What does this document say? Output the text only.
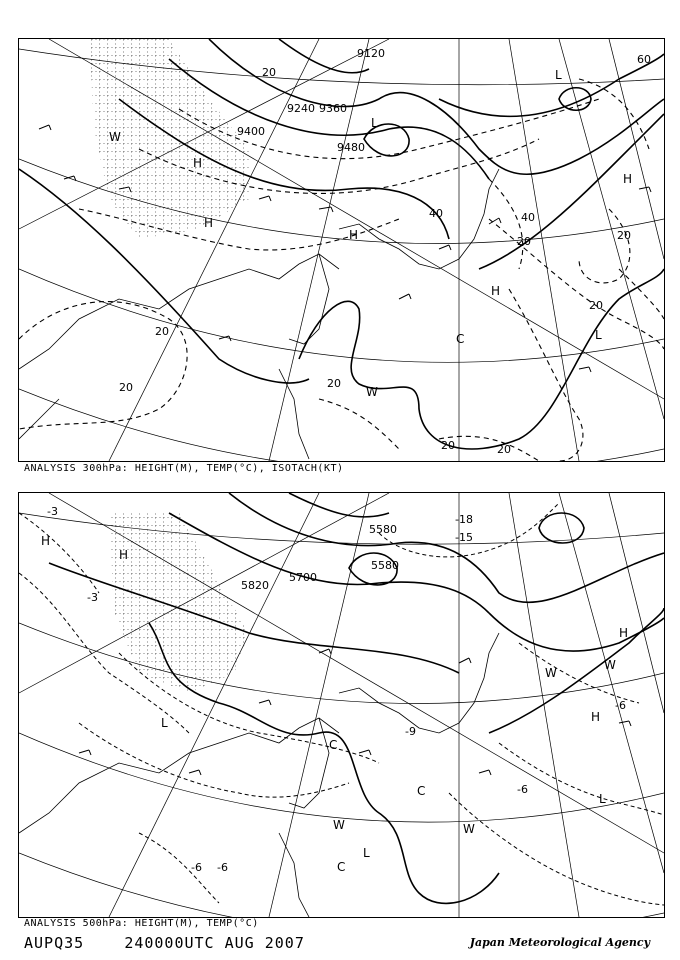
9120
9240 9360
9400
9480
20
40
60
20
20
40
20	20
20
20
20	20
H
H
H
H
H
L
L
L
C
W
W
ANALYSIS 300hPa: HEIGHT(M), TEMP(°C), ISOTACH(KT)
5580
5580
5700
5820
-3
-3
-6
-6
-6 -6
-9
-15
-18
H
H
H
H
W
W
L
L
L
C
C
C
W
W
ANALYSIS 500hPa: HEIGHT(M), TEMP(°C)
AUPQ35	240000UTC AUG 2007	Japan Meteorological Agency
